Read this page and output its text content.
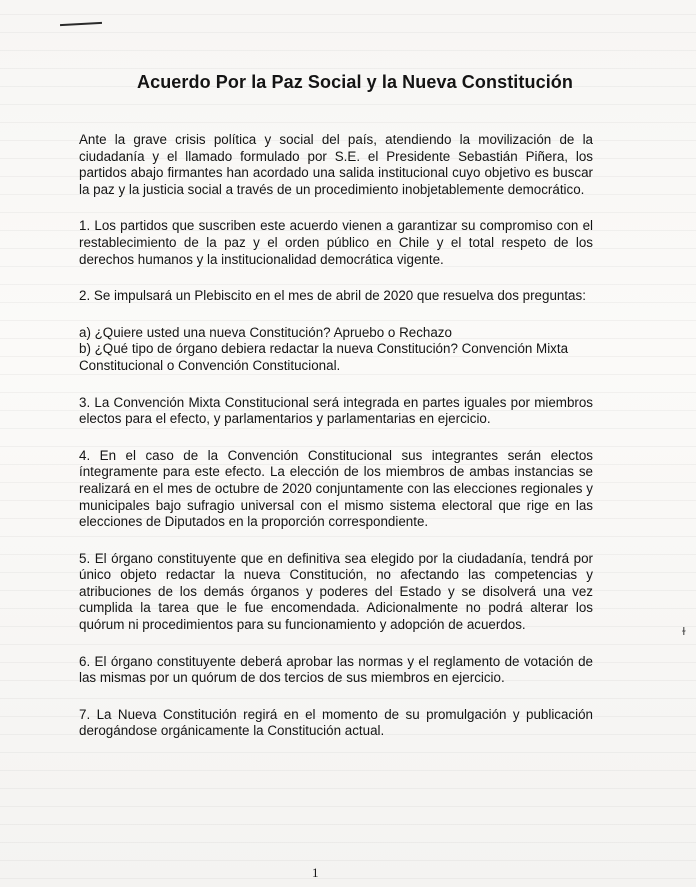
Acuerdo Por la Paz Social y la Nueva Constitución

Ante la grave crisis política y social del país, atendiendo la movilización de la ciudadanía y el llamado formulado por S.E. el Presidente Sebastián Piñera, los partidos abajo firmantes han acordado una salida institucional cuyo objetivo es buscar la paz y la justicia social a través de un procedimiento inobjetablemente democrático.

1. Los partidos que suscriben este acuerdo vienen a garantizar su compromiso con el restablecimiento de la paz y el orden público en Chile y el total respeto de los derechos humanos y la institucionalidad democrática vigente.

2. Se impulsará un Plebiscito en el mes de abril de 2020 que resuelva dos preguntas:

a) ¿Quiere usted una nueva Constitución? Apruebo o Rechazo
b) ¿Qué tipo de órgano debiera redactar la nueva Constitución? Convención Mixta Constitucional o Convención Constitucional.

3. La Convención Mixta Constitucional será integrada en partes iguales por miembros electos para el efecto, y parlamentarios y parlamentarias en ejercicio.

4. En el caso de la Convención Constitucional sus integrantes serán electos íntegramente para este efecto. La elección de los miembros de ambas instancias se realizará en el mes de octubre de 2020 conjuntamente con las elecciones regionales y municipales bajo sufragio universal con el mismo sistema electoral que rige en las elecciones de Diputados en la proporción correspondiente.

5. El órgano constituyente que en definitiva sea elegido por la ciudadanía, tendrá por único objeto redactar la nueva Constitución, no afectando las competencias y atribuciones de los demás órganos y poderes del Estado y se disolverá una vez cumplida la tarea que le fue encomendada. Adicionalmente no podrá alterar los quórum ni procedimientos para su funcionamiento y adopción de acuerdos.

6. El órgano constituyente deberá aprobar las normas y el reglamento de votación de las mismas por un quórum de dos tercios de sus miembros en ejercicio.

7. La Nueva Constitución regirá en el momento de su promulgación y publicación derogándose orgánicamente la Constitución actual.

ɫ
1
